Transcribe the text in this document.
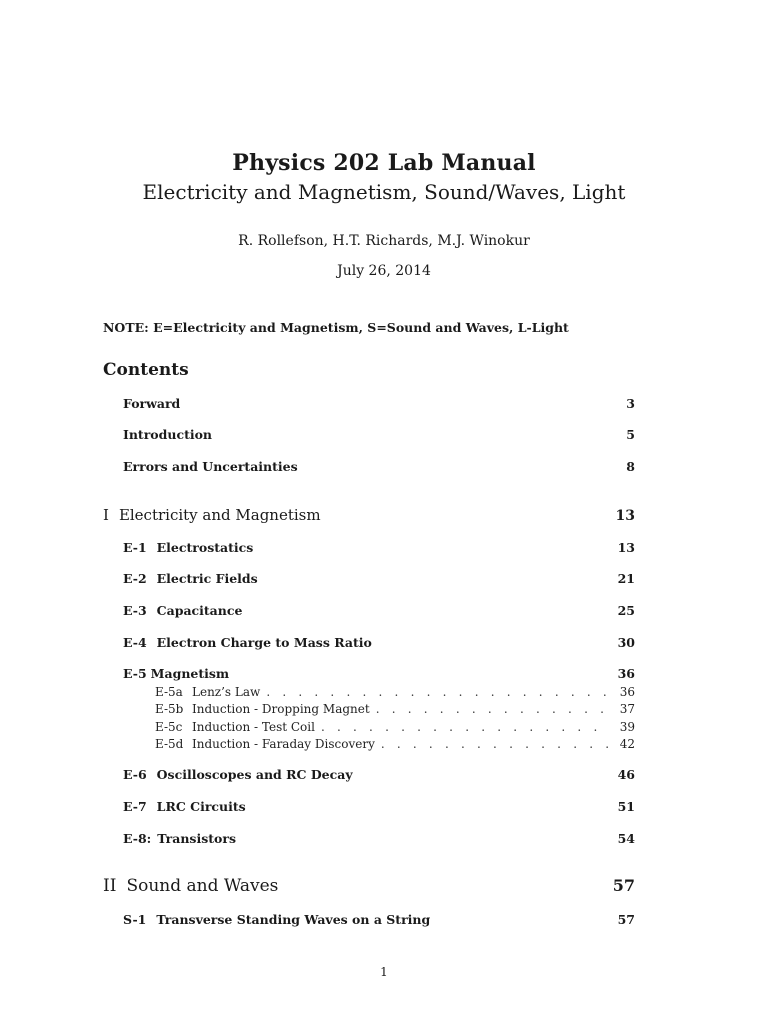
Physics 202 Lab Manual
Electricity and Magnetism, Sound/Waves, Light
R. Rollefson, H.T. Richards, M.J. Winokur
July 26, 2014
NOTE: E=Electricity and Magnetism, S=Sound and Waves, L-Light
Contents
Forward	3
Introduction	5
Errors and Uncertainties	8
I Electricity and Magnetism	13
E-1 Electrostatics	13
E-2 Electric Fields	21
E-3 Capacitance	25
E-4 Electron Charge to Mass Ratio	30
E-5 Magnetism	36
E-5a Lenz’s Law . . .	36
E-5b Induction - Dropping Magnet . . .	37
E-5c Induction - Test Coil . . .	39
E-5d Induction - Faraday Discovery . . .	42
E-6 Oscilloscopes and RC Decay	46
E-7 LRC Circuits	51
E-8: Transistors	54
II Sound and Waves	57
S-1 Transverse Standing Waves on a String	57
1
